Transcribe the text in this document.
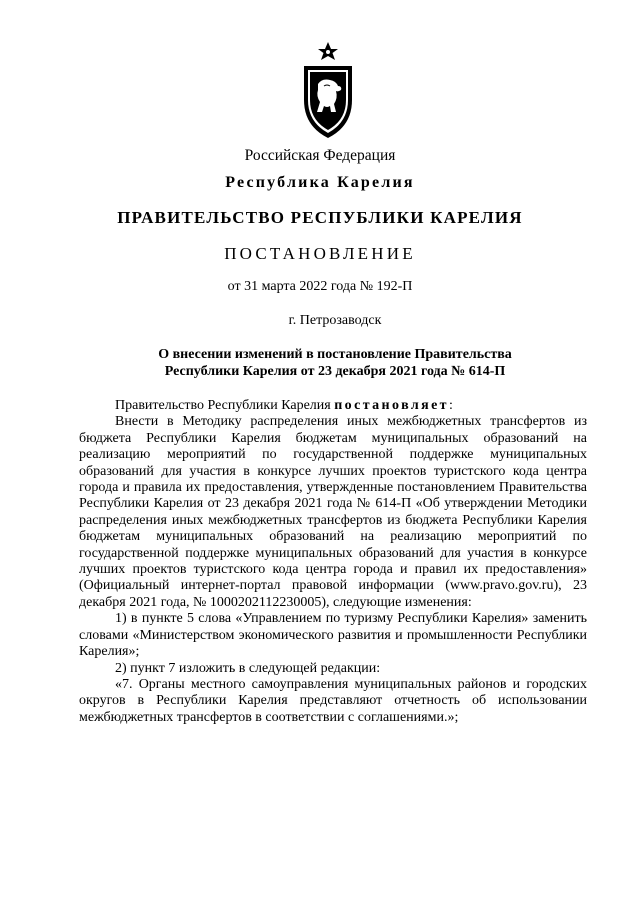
Российская Федерация
Республика Карелия
ПРАВИТЕЛЬСТВО РЕСПУБЛИКИ КАРЕЛИЯ
ПОСТАНОВЛЕНИЕ
от 31 марта 2022 года № 192-П
г. Петрозаводск
О внесении изменений в постановление Правительства
Республики Карелия от 23 декабря 2021 года № 614-П

Правительство Республики Карелия постановляет:

Внести в Методику распределения иных межбюджетных трансфертов из бюджета Республики Карелия бюджетам муниципальных образований на реализацию мероприятий по государственной поддержке муниципальных образований для участия в конкурсе лучших проектов туристского кода центра города и правила их предоставления, утвержденные постановлением Правительства Республики Карелия от 23 декабря 2021 года № 614-П «Об утверждении Методики распределения иных межбюджетных трансфертов из бюджета Республики Карелия бюджетам муниципальных образований на реализацию мероприятий по государственной поддержке муниципальных образований для участия в конкурсе лучших проектов туристского кода центра города и правил их предоставления» (Официальный интернет-портал правовой информации (www.pravo.gov.ru), 23 декабря 2021 года, № 1000202112230005), следующие изменения:

1) в пункте 5 слова «Управлением по туризму Республики Карелия» заменить словами «Министерством экономического развития и промышленности Республики Карелия»;

2) пункт 7 изложить в следующей редакции:

«7. Органы местного самоуправления муниципальных районов и городских округов в Республики Карелия представляют отчетность об использовании межбюджетных трансфертов в соответствии с соглашениями.»;
